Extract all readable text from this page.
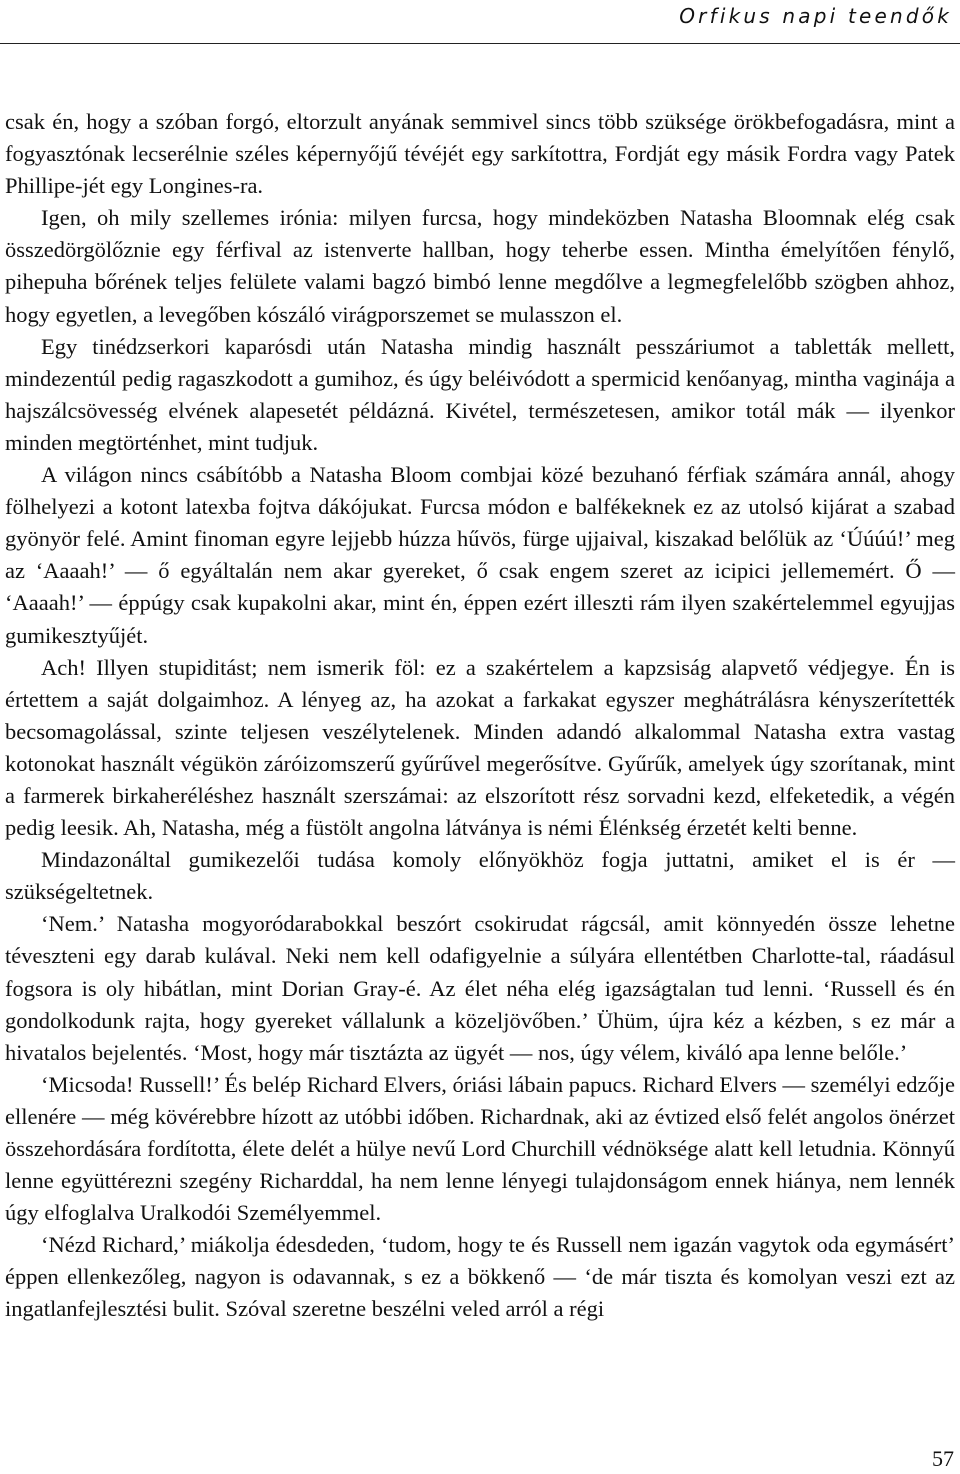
Orfikus napi teendők

csak én, hogy a szóban forgó, eltorzult anyának semmivel sincs több szüksége örökbefogadásra, mint a fogyasztónak lecserélnie széles képernyőjű tévéjét egy sarkítottra, Fordját egy másik Fordra vagy Patek Phillipe-jét egy Longines-ra.

Igen, oh mily szellemes irónia: milyen furcsa, hogy mindeközben Natasha Bloomnak elég csak összedörgölőznie egy férfival az istenverte hallban, hogy teherbe essen. Mintha émelyítően fénylő, pihepuha bőrének teljes felülete valami bagzó bimbó lenne megdőlve a legmegfelelőbb szögben ahhoz, hogy egyetlen, a levegőben kószáló virágporszemet se mulasszon el.

Egy tinédzserkori kaparósdi után Natasha mindig használt pesszáriumot a tabletták mellett, mindezentúl pedig ragaszkodott a gumihoz, és úgy beléivódott a spermicid kenőanyag, mintha vaginája a hajszálcsövesség elvének alapesetét példázná. Kivétel, természetesen, amikor totál mák — ilyenkor minden megtörténhet, mint tudjuk.

A világon nincs csábítóbb a Natasha Bloom combjai közé bezuhanó férfiak számára annál, ahogy fölhelyezi a kotont latexba fojtva dákójukat. Furcsa módon e balfékeknek ez az utolsó kijárat a szabad gyönyör felé. Amint finoman egyre lejjebb húzza hűvös, fürge ujjaival, kiszakad belőlük az ‘Úúúú!’ meg az ‘Aaaah!’ — ő egyáltalán nem akar gyereket, ő csak engem szeret az icipici jellememért. Ő — ‘Aaaah!’ — éppúgy csak kupakolni akar, mint én, éppen ezért illeszti rám ilyen szakértelemmel egyujjas gumikesztyűjét.

Ach! Illyen stupiditást; nem ismerik föl: ez a szakértelem a kapzsiság alapvető védjegye. Én is értettem a saját dolgaimhoz. A lényeg az, ha azokat a farkakat egyszer meghátrálásra kényszerítették becsomagolással, szinte teljesen veszélytelenek. Minden adandó alkalommal Natasha extra vastag kotonokat használt végükön záróizomszerű gyűrűvel megerősítve. Gyűrűk, amelyek úgy szorítanak, mint a farmerek birkaheréléshez használt szerszámai: az elszorított rész sorvadni kezd, elfeketedik, a végén pedig leesik. Ah, Natasha, még a füstölt angolna látványa is némi Élénkség érzetét kelti benne.

Mindazonáltal gumikezelői tudása komoly előnyökhöz fogja juttatni, amiket el is ér — szükségeltetnek.

‘Nem.’ Natasha mogyoródarabokkal beszórt csokirudat rágcsál, amit könnyedén össze lehetne téveszteni egy darab kulával. Neki nem kell odafigyelnie a súlyára ellentétben Charlotte-tal, ráadásul fogsora is oly hibátlan, mint Dorian Gray-é. Az élet néha elég igazságtalan tud lenni. ‘Russell és én gondolkodunk rajta, hogy gyereket vállalunk a közeljövőben.’ Ühüm, újra kéz a kézben, s ez már a hivatalos bejelentés. ‘Most, hogy már tisztázta az ügyét — nos, úgy vélem, kiváló apa lenne belőle.’

‘Micsoda! Russell!’ És belép Richard Elvers, óriási lábain papucs. Richard Elvers — személyi edzője ellenére — még kövérebbre hízott az utóbbi időben. Richardnak, aki az évtized első felét angolos önérzet összehordására fordította, élete delét a hülye nevű Lord Churchill védnöksége alatt kell letudnia. Könnyű lenne együttérezni szegény Richarddal, ha nem lenne lényegi tulajdonságom ennek hiánya, nem lennék úgy elfoglalva Uralkodói Személyemmel.

‘Nézd Richard,’ miákolja édesdeden, ‘tudom, hogy te és Russell nem igazán vagytok oda egymásért’ éppen ellenkezőleg, nagyon is odavannak, s ez a bökkenő — ‘de már tiszta és komolyan veszi ezt az ingatlanfejlesztési bulit. Szóval szeretne beszélni veled arról a régi

57
